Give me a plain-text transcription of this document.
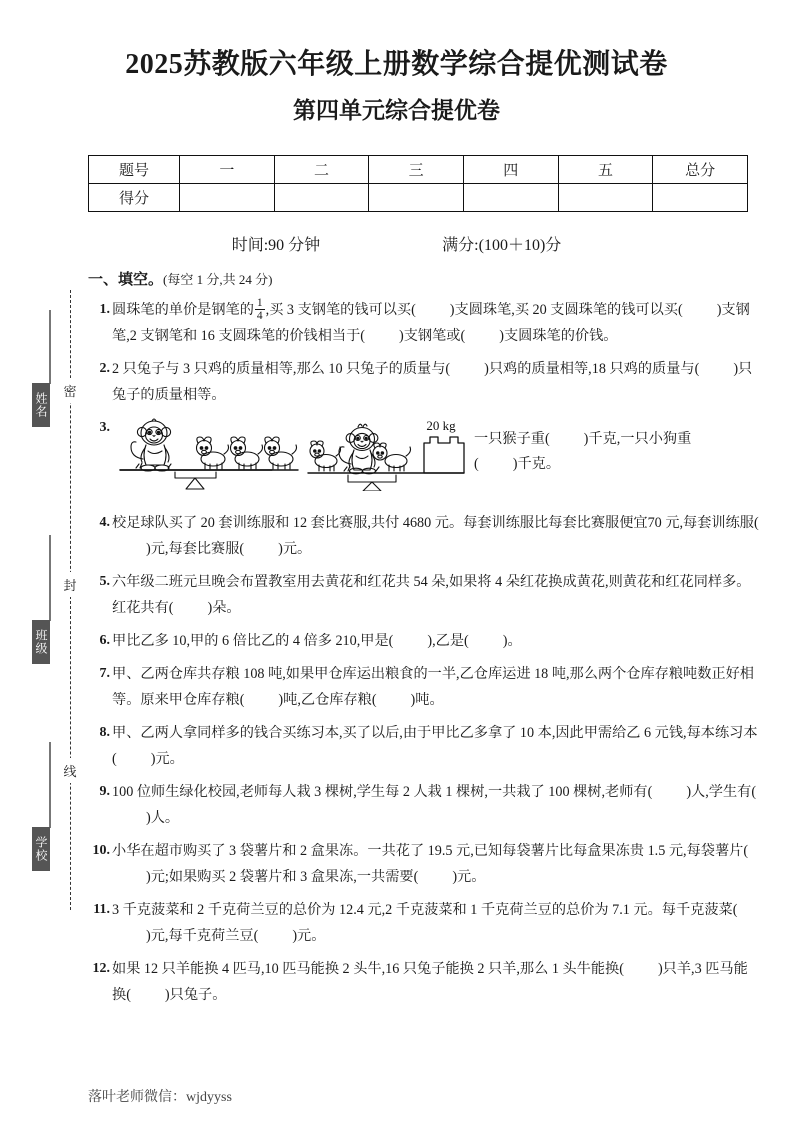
2025苏教版六年级上册数学综合提优测试卷
第四单元综合提优卷
题号	一	二	三	四	五	总分
得分						
时间:90 分钟	满分:(100＋10)分
一、填空。(每空 1 分,共 24 分)
1. 圆珠笔的单价是钢笔的 $\frac{1}{4}$ ,买 3 支钢笔的钱可以买( )支圆珠笔,买 20 支圆珠笔的钱可以买( )支钢笔,2 支钢笔和 16 支圆珠笔的价钱相当于( )支钢笔或( )支圆珠笔的价钱。
2. 2 只兔子与 3 只鸡的质量相等,那么 10 只兔子的质量与( )只鸡的质量相等,18 只鸡的质量与( )只兔子的质量相等。
3.	20 kg
一只猴子重( )千克,一只小狗重
( )千克。
4. 校足球队买了 20 套训练服和 12 套比赛服,共付 4680 元。每套训练服比每套比赛服便宜70 元,每套训练服()元,每套比赛服( )元。
5. 六年级二班元旦晚会布置教室用去黄花和红花共 54 朵,如果将 4 朵红花换成黄花,则黄花和红花同样多。红花共有( )朵。
6. 甲比乙多 10,甲的 6 倍比乙的 4 倍多 210,甲是( ),乙是( )。
7. 甲、乙两仓库共存粮 108 吨,如果甲仓库运出粮食的一半,乙仓库运进 18 吨,那么两个仓库存粮吨数正好相等。原来甲仓库存粮( )吨,乙仓库存粮( )吨。
8. 甲、乙两人拿同样多的钱合买练习本,买了以后,由于甲比乙多拿了 10 本,因此甲需给乙 6 元钱,每本练习本( )元。
9. 100 位师生绿化校园,老师每人栽 3 棵树,学生每 2 人栽 1 棵树,一共栽了 100 棵树,老师有( )人,学生有()人。
10. 小华在超市购买了 3 袋薯片和 2 盒果冻。一共花了 19.5 元,已知每袋薯片比每盒果冻贵 1.5 元,每袋薯片()元;如果购买 2 袋薯片和 3 盒果冻,一共需要( )元。
11. 3 千克菠菜和 2 千克荷兰豆的总价为 12.4 元,2 千克菠菜和 1 千克荷兰豆的总价为 7.1 元。每千克菠菜()元,每千克荷兰豆( )元。
12. 如果 12 只羊能换 4 匹马,10 匹马能换 2 头牛,16 只兔子能换 2 只羊,那么 1 头牛能换( )只羊,3 匹马能换( )只兔子。
密
封
线
姓名
班级
学校
落叶老师微信：wjdyyss
